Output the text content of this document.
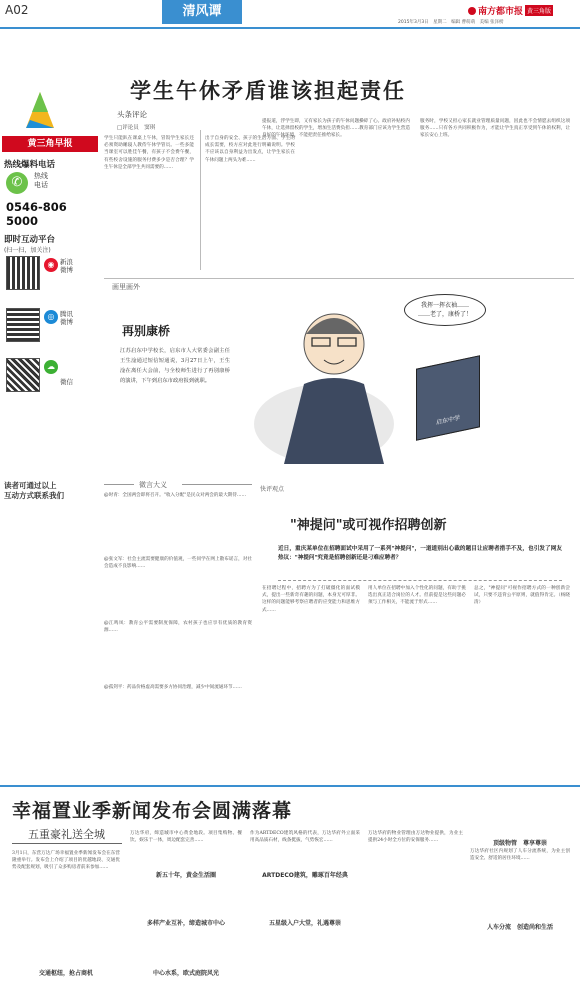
A02	清风谭	南方都市报 黄三角版
2015年3月3日　星期二　编辑 曹萌萌　美编 张泽榜
黄三角早报
热线爆料电话
✆	热线
电话
0546-8065000
即时互动平台
(扫一扫，加关注)
◉ 新浪
微博
◎ 腾讯
微博
☁
微信
读者可通过以上
互动方式联系我们
学生午休矛盾谁该担起责任
头条评论
□评论员　窦琪
学生只能趴在课桌上午休，冒饭学生家长还必须资助睡寝人教侍午休学管员。一些多能当课室可以胜佳午餐，有孩子不会费午餐，有些校舍设施的服务付费多少是否合理？学生午休是全部学生共同需要的……
出于自身的安全、孩子的生活方面、学生的成长需要，校方应对此进行明确说明。学校不应该以自身利益为出发点，让学生家长在午休问题上两头为难……
提报道，浮学生即，又有家长为孩子的午休问题操碎了心。政府补贴校内午休，让选择留校的学生，增加生活费负担……教育部门应该为学生营造良好的午休环境，不能把责任推给家长。
服务时，学校又担心家长就业管理质量问题，因此也不会情愿去组织这项服务……只有各方共同积极作为，才能让学生真正享受到午休的权利，让家长安心上班。
画里画外
再别康桥
江苏启东中学校长，启东市人大常委会副主任王生淦通过短信短通说，3月27日上午，王生淦在离任大会前，与全校师生进行了再别康桥的演讲，下午到启东市政府报到就职。
我挥一挥衣袖……
……老了，康桥了！
启东中学
微言大义
@时青：全国两会即将召开。"收入分配"是民众对两会的最大期待……
@张文军：社会主流需要健康的价值观，一些同学在网上散布谣言，对社会造成不良影响……
@江鸣凤：教育公平需要制度保障，农村孩子也应享有优质的教育资源……
@孤剑平：药品价格虚高需要多方协同治理，减少中间流通环节……
快评观点
"神提问"或可视作招聘创新
近日，重庆某单位在招聘面试中采用了一系列"神提问"，一道道别出心裁的题目让应聘者措手不及，也引发了网友热议："神提问"究竟是招聘创新还是刁难应聘者？
在招聘过程中，招聘方为了打破僵化的面试模式，提出一些新奇有趣的问题，本身无可厚非。这样的问题能够考察应聘者的应变能力和思维方式……
用人单位在招聘中加入个性化的问题，有助于挑选出真正适合岗位的人才。但前提是这些问题必须与工作相关，不能流于形式……
总之，"神提问"可视作招聘方式的一种创新尝试，只要不违背公平原则，就值得肯定。（杨晓清）
幸福置业季新闻发布会圆满落幕
五重豪礼送全城
3月1日，东营万达广场幸福置业季新闻发布会在东营隆重举行。发布会上介绍了项目的优越地段、交通优势及配套规划，吸引了众多购房者前来参加……
交通枢纽，抢占商机
万达华府，缔造城市中心黄金地段。项目集购物、餐饮、娱乐于一体，周边配套完善……
新五十年，黄金生活圈
多样产业互补，缔造城市中心
中心水系，欧式庭院风光
作为ARTDECO建筑风格的代表，万达华府外立面采用高品质石材，线条挺拔，气势恢宏……
ARTDECO建筑，雕琢百年经典
五星级入户大堂，礼遇尊崇
万达华府的物业管理由万达物业提供，为业主提供24小时全方位的安保服务……	顶级物管　尊享尊崇
万达华府社区内规划了人车分流系统，为业主创造安全、舒适的居住环境……
人车分流　创造尚和生活
